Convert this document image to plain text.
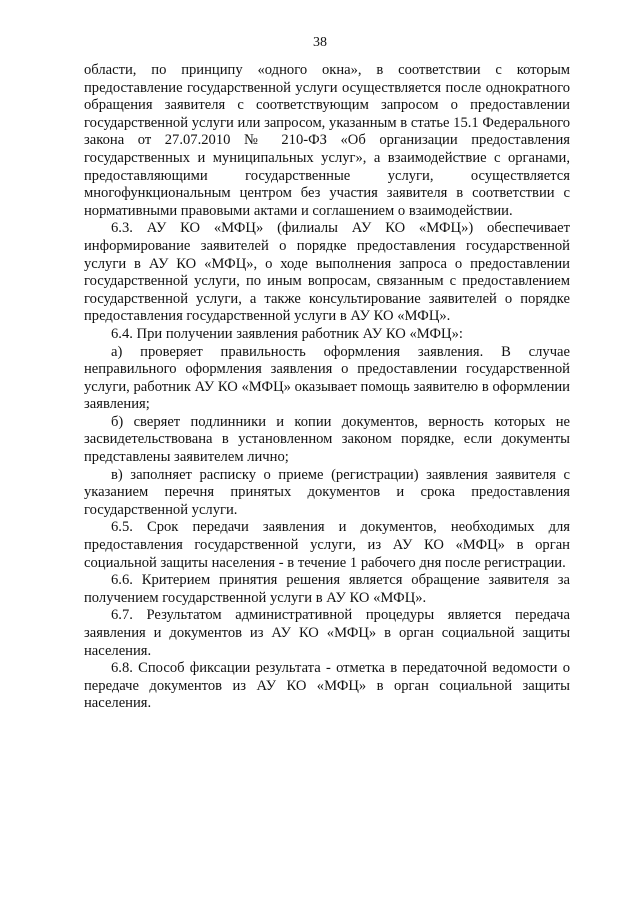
38

области, по принципу «одного окна», в соответствии с которым предоставление государственной услуги осуществляется после однократного обращения заявителя с соответствующим запросом о предоставлении государственной услуги или запросом, указанным в статье 15.1 Федерального закона от 27.07.2010 № 210-ФЗ «Об организации предоставления государственных и муниципальных услуг», а взаимодействие с органами, предоставляющими государственные услуги, осуществляется многофункциональным центром без участия заявителя в соответствии с нормативными правовыми актами и соглашением о взаимодействии.

6.3. АУ КО «МФЦ» (филиалы АУ КО «МФЦ») обеспечивает информирование заявителей о порядке предоставления государственной услуги в АУ КО «МФЦ», о ходе выполнения запроса о предоставлении государственной услуги, по иным вопросам, связанным с предоставлением государственной услуги, а также консультирование заявителей о порядке предоставления государственной услуги в АУ КО «МФЦ».

6.4. При получении заявления работник АУ КО «МФЦ»:

а) проверяет правильность оформления заявления. В случае неправильного оформления заявления о предоставлении государственной услуги, работник АУ КО «МФЦ» оказывает помощь заявителю в оформлении заявления;

б) сверяет подлинники и копии документов, верность которых не засвидетельствована в установленном законом порядке, если документы представлены заявителем лично;

в) заполняет расписку о приеме (регистрации) заявления заявителя с указанием перечня принятых документов и срока предоставления государственной услуги.

6.5. Срок передачи заявления и документов, необходимых для предоставления государственной услуги, из АУ КО «МФЦ» в орган социальной защиты населения - в течение 1 рабочего дня после регистрации.

6.6. Критерием принятия решения является обращение заявителя за получением государственной услуги в АУ КО «МФЦ».

6.7. Результатом административной процедуры является передача заявления и документов из АУ КО «МФЦ» в орган социальной защиты населения.

6.8. Способ фиксации результата - отметка в передаточной ведомости о передаче документов из АУ КО «МФЦ» в орган социальной защиты населения.
